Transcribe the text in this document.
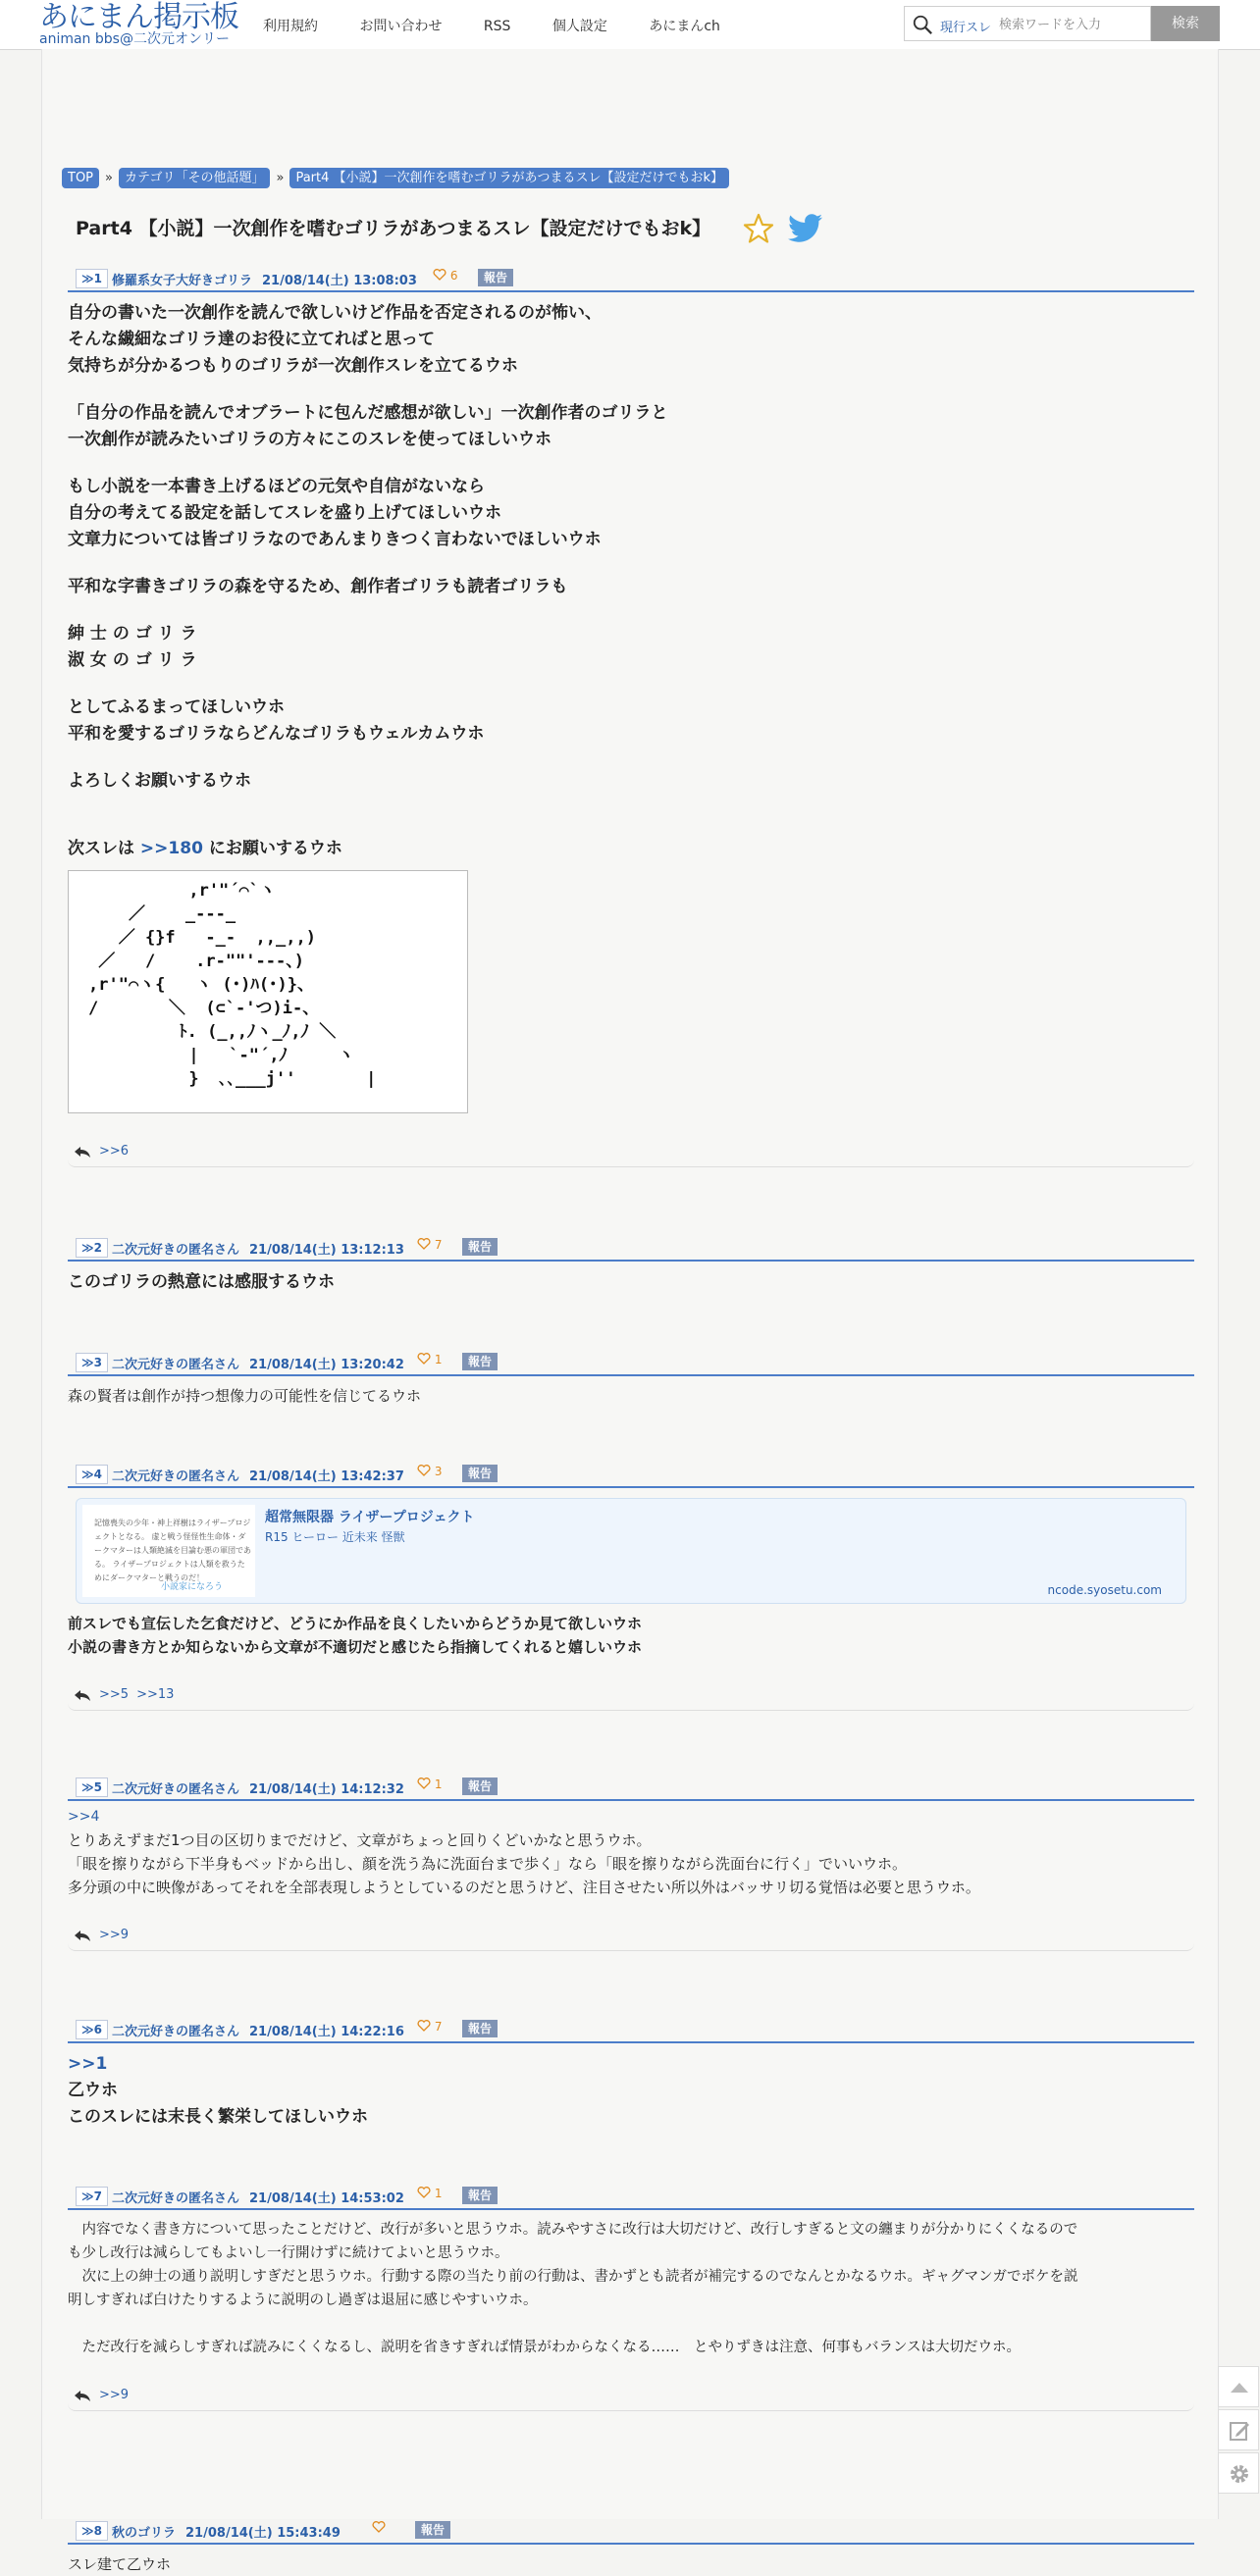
あにまん掲示板
animan bbs@二次元オンリー
利用規約	お問い合わせ	RSS	個人設定	あにまんch	現行スレ
検索ワードを入力	検索
TOP » カテゴリ「その他話題」 » Part4 【小説】一次創作を嗜むゴリラがあつまるスレ【設定だけでもおk】
Part4 【小説】一次創作を嗜むゴリラがあつまるスレ【設定だけでもおk】
≫1 修羅系女子大好きゴリラ 21/08/14(土) 13:08:03	6	報告

自分の書いた一次創作を読んで欲しいけど作品を否定されるのが怖い、

そんな繊細なゴリラ達のお役に立てればと思って

気持ちが分かるつもりのゴリラが一次創作スレを立てるウホ

「自分の作品を読んでオブラートに包んだ感想が欲しい」一次創作者のゴリラと

一次創作が読みたいゴリラの方々にこのスレを使ってほしいウホ

もし小説を一本書き上げるほどの元気や自信がないなら

自分の考えてる設定を話してスレを盛り上げてほしいウホ

文章力については皆ゴリラなのであんまりきつく言わないでほしいウホ

平和な字書きゴリラの森を守るため、創作者ゴリラも読者ゴリラも

紳 士 の ゴ リ ラ

淑 女 の ゴ リ ラ

としてふるまってほしいウホ

平和を愛するゴリラならどんなゴリラもウェルカムウホ

よろしくお願いするウホ

次スレは >>180 にお願いするウホ

,r'"´⌒`ヽ
／    _‐-‐_
／ {}f   -_-  ,,_,,)
／   /    .r‐""'-‐-、)
,r'"⌒ヽ{   ヽ (･)ﾊ(･)}、
/       ＼  (⊂`-'つ)i-、
ﾄ. (_,,ﾉヽ_ﾉ,ﾉ ＼
|   `-"´,ﾉ     ヽ
}  ､､___j''       |
>>6
≫2 二次元好きの匿名さん 21/08/14(土) 13:12:13	7	報告

このゴリラの熱意には感服するウホ

≫3 二次元好きの匿名さん 21/08/14(土) 13:20:42	1	報告

森の賢者は創作が持つ想像力の可能性を信じてるウホ

≫4 二次元好きの匿名さん 21/08/14(土) 13:42:37	3	報告
記憶喪失の少年・神上祥樹はライザープロジェクトとなる。 虚と戦う怪怪性生命体・ダークマターは人類絶滅を目論む悪の軍団である。 ライザープロジェクトは人類を救うためにダークマターと戦うのだ！
小説家になろう
超常無限器 ライザープロジェクト
R15 ヒーロー 近未来 怪獣
ncode.syosetu.com

前スレでも宣伝した乞食だけど、どうにか作品を良くしたいからどうか見て欲しいウホ

小説の書き方とか知らないから文章が不適切だと感じたら指摘してくれると嬉しいウホ

>>5 >>13
≫5 二次元好きの匿名さん 21/08/14(土) 14:12:32	1	報告

>>4

とりあえずまだ1つ目の区切りまでだけど、文章がちょっと回りくどいかなと思うウホ。

「眼を擦りながら下半身もベッドから出し、顔を洗う為に洗面台まで歩く」なら「眼を擦りながら洗面台に行く」でいいウホ。

多分頭の中に映像があってそれを全部表現しようとしているのだと思うけど、注目させたい所以外はバッサリ切る覚悟は必要と思うウホ。

>>9
≫6 二次元好きの匿名さん 21/08/14(土) 14:22:16	7	報告

>>1

乙ウホ

このスレには末長く繁栄してほしいウホ

≫7 二次元好きの匿名さん 21/08/14(土) 14:53:02	1	報告

　内容でなく書き方について思ったことだけど、改行が多いと思うウホ。読みやすさに改行は大切だけど、改行しすぎると文の纏まりが分かりにくくなるので

も少し改行は減らしてもよいし一行開けずに続けてよいと思うウホ。

　次に上の紳士の通り説明しすぎだと思うウホ。行動する際の当たり前の行動は、書かずとも読者が補完するのでなんとかなるウホ。ギャグマンガでボケを説

明しすぎれば白けたりするように説明のし過ぎは退屈に感じやすいウホ。

　ただ改行を減らしすぎれば読みにくくなるし、説明を省きすぎれば情景がわからなくなる……　とやりずきは注意、何事もバランスは大切だウホ。

>>9
≫8 秋のゴリラ 21/08/14(土) 15:43:49	報告

スレ建て乙ウホ
